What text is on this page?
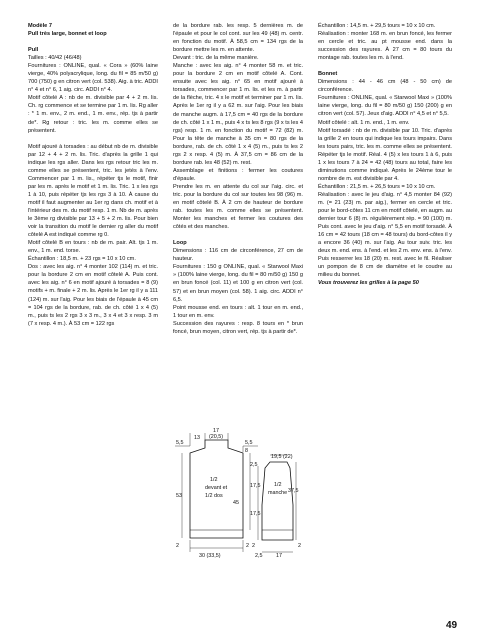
Modèle 7

Pull très large, bonnet et loop

Pull

Tailles : 40/42 (46/48)

Fournitures : ONLINE, qual. « Cora » (60% laine vierge, 40% polyacrylique, long. du fil = 85 m/50 g) 700 (750) g en citron vert (col. 538). Aig. à tric. ADDI n° 4 et n° 6, 1 aig. circ. ADDI n° 4.

Motif côtelé A : nb de m. divisible par 4 + 2 m. lis. Ch. rg commence et se termine par 1 m. lis. Rg aller : * 1 m. env., 2 m. end., 1 m. env., rép. tjs à partir de*. Rg retour : tric. les m. comme elles se présentent.

Motif ajouré à torsades : au début nb de m. divisible par 12 + 4 + 2 m. lis. Tric. d'après la grille 1 qui indique les rgs aller. Dans les rgs retour tric les m. comme elles se présentent, tric. les jetés à l'env. Commencer par 1 m. lis., répéter tjs le motif, finir par les m. après le motif et 1 m. lis. Tric. 1 x les rgs 1 à 10, puis répéter tjs les rgs 3 à 10. À cause du motif il faut augmenter au 1er rg dans ch. motif et à l'intérieur des m. du motif resp. 1 m. Nb de m. après le 3ème rg divisible par 13 + 5 + 2 m. lis. Pour bien voir la transition du motif le dernier rg aller du motif côtelé A est indiqué comme rg 0.

Motif côtelé B en tours : nb de m. pair. Alt. tjs 1 m. env., 1 m. end. torse.

Échantillon : 18,5 m. + 23 rgs = 10 x 10 cm.

Dos : avec les aig. n° 4 monter 102 (114) m. et tric. pour la bordure 2 cm en motif côtelé A. Puis cont. avec les aig. n° 6 en motif ajouré à torsades = 8 (9) motifs + m. finale + 2 m. lis. Après le 1er rg il y a 111 (124) m. sur l'aig. Pour les biais de l'épaule à 45 cm = 104 rgs de la bordure, rab. de ch. côté 1 x 4 (5) m., puis ts les 2 rgs 3 x 3 m., 3 x 4 et 3 x resp. 3 m (7 x resp. 4 m.). À 53 cm = 122 rgs

de la bordure rab. les resp. 5 dernières m. de l'épaule et pour le col cont. sur les 49 (48) m. centr. en fonction du motif. À 58,5 cm = 134 rgs de la bordure mettre les m. en attente.

Devant : tric. de la même manière.

Manche : avec les aig. n° 4 monter 58 m. et tric. pour la bordure 2 cm en motif côtelé A. Cont. ensuite avec les aig. n° 65 en motif ajouré à torsades, commencer par 1 m. lis. et les m. à partir de la flèche, tric. 4 x le motif et terminer par 1 m. lis. Après le 1er rg il y a 62 m. sur l'aig. Pour les biais de manche augm. à 17,5 cm = 40 rgs de la bordure de ch. côté 1 x 1 m., puis 4 x ts les 8 rgs (9 x ts les 4 rgs) resp. 1 m. en fonction du motif = 72 (82) m. Pour la tête de manche à 35 cm = 80 rgs de la bordure, rab. de ch. côté 1 x 4 (5) m., puis ts les 2 rgs 2 x resp. 4 (5) m. À 37,5 cm = 86 cm de la bordure rab. les 48 (52) m. rest.

Assemblage et finitions : fermer les coutures d'épaule.

Prendre les m. en attente du col sur l'aig. circ. et tric. pour la bordure du col sur toutes les 98 (96) m. en motif côtelé B. À 2 cm de hauteur de bordure rab. toutes les m. comme elles se présentent. Monter les manches et fermer les coutures des côtés et des manches.

Loop

Dimensions : 116 cm de circonférence, 27 cm de hauteur.

Fournitures : 150 g ONLINE, qual. « Starwool Maxi » (100% laine vierge, long. du fil = 80 m/50 g) 150 g en brun foncé (col. 11) et 100 g en citron vert (col. 57) et en brun moyen (col. 58). 1 aig. circ. ADDI n° 6,5.

Point mousse end. en tours : alt. 1 tour en m. end., 1 tour en m. env.

Succession des rayures : resp. 8 tours en * brun foncé, brun moyen, citron vert, rép. tjs à partir de*.

Échantillon : 14,5 m. + 29,5 tours = 10 x 10 cm.

Réalisation : monter 168 m. en brun foncé, les fermer en cercle et tric. au pt mousse end. dans la succession des rayures. À 27 cm = 80 tours du montage rab. toutes les m. à l'end.

Bonnet

Dimensions : 44 - 46 cm (48 - 50 cm) de circonférence.

Fournitures : ONLINE, qual. « Starwool Maxi » (100% laine vierge, long. du fil = 80 m/50 g) 150 (200) g en citron vert (col. 57). Jeux d'aig. ADDI n° 4,5 et n° 5,5.

Motif côtelé : alt. 1 m. end., 1 m. env.

Motif torsadé : nb de m. divisible par 10. Tric. d'après la grille 2 en tours qui indique les tours impairs. Dans les tours pairs, tric. les m. comme elles se présentent. Répéter tjs le motif. Réal. 4 (5) x les tours 1 à 6, puis 1 x les tours 7 à 24 = 42 (48) tours au total, faire les diminutions comme indiqué. Après le 24ème tour le nombre de m. est divisible par 4.

Échantillon : 21,5 m. + 26,5 tours = 10 x 10 cm.

Réalisation : avec le jeu d'aig. n° 4,5 monter 84 (92) m. (= 21 (23) m. par aig.), fermer en cercle et tric. pour le bord-côtes 11 cm en motif côtelé, en augm. au dernier tour 6 (8) m. régulièrement rép. = 90 (100) m. Puis cont. avec le jeu d'aig. n° 5,5 en motif torsadé. À 16 cm = 42 tours (18 cm = 48 tours) du bord-côtes il y a encore 36 (40) m. sur l'aig. Au tour suiv. tric. les deux m. end. ens. à l'end. et les 2 m. env. ens. à l'env. Puis resserrer les 18 (20) m. rest. avec le fil. Réaliser un pompon de 8 cm de diamètre et le coudre au milieu du bonnet.

Vous trouverez les grilles à la page 50

13
17
(20,5)
5,5	5,5
8
1/2
devant et
1/2 dos
53
45
2	2
30 (33,5)
19,5 (22)
2,5
17,5
17,5
37,5
1/2
manche
2	2
2,5	17
49
